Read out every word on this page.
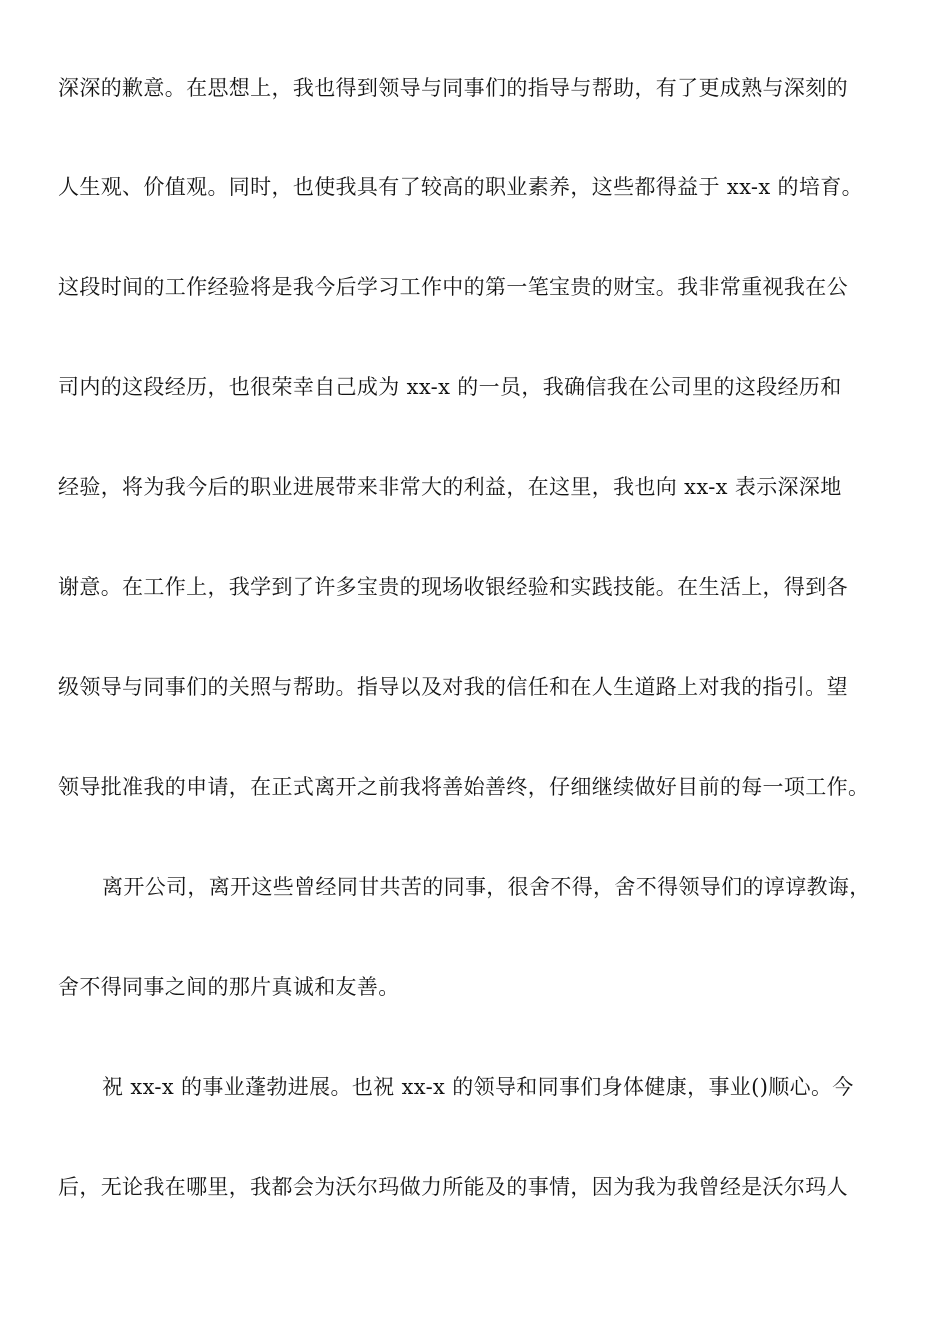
深深的歉意。在思想上，我也得到领导与同事们的指导与帮助，有了更成熟与深刻的

人生观、价值观。同时，也使我具有了较高的职业素养，这些都得益于 xx-x 的培育。

这段时间的工作经验将是我今后学习工作中的第一笔宝贵的财宝。我非常重视我在公

司内的这段经历，也很荣幸自己成为 xx-x 的一员，我确信我在公司里的这段经历和

经验，将为我今后的职业进展带来非常大的利益，在这里，我也向 xx-x 表示深深地

谢意。在工作上，我学到了许多宝贵的现场收银经验和实践技能。在生活上，得到各

级领导与同事们的关照与帮助。指导以及对我的信任和在人生道路上对我的指引。望

领导批准我的申请，在正式离开之前我将善始善终，仔细继续做好目前的每一项工作。

离开公司，离开这些曾经同甘共苦的同事，很舍不得，舍不得领导们的谆谆教诲，

舍不得同事之间的那片真诚和友善。

祝 xx-x 的事业蓬勃进展。也祝 xx-x 的领导和同事们身体健康，事业()顺心。今

后，无论我在哪里，我都会为沃尔玛做力所能及的事情，因为我为我曾经是沃尔玛人
